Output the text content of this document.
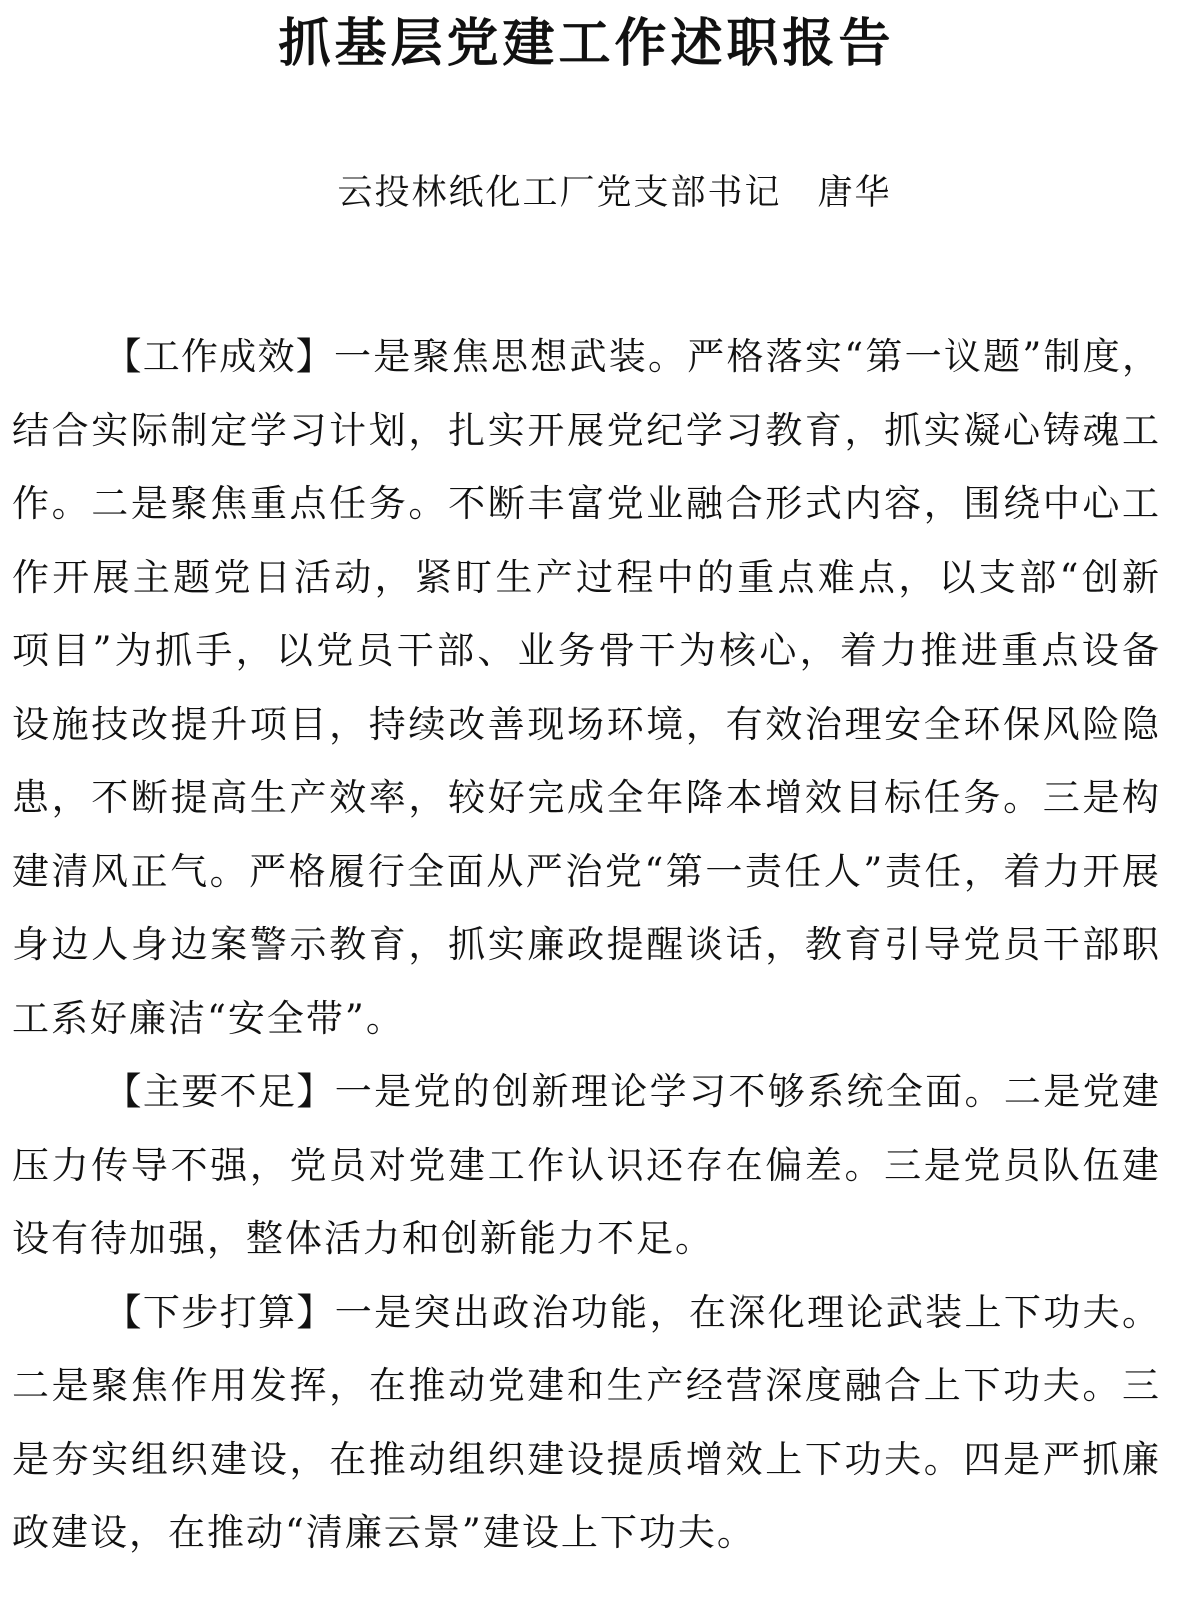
抓基层党建工作述职报告

云投林纸化工厂党支部书记 唐华

【工作成效】一是聚焦思想武装。严格落实“第一议题”制度，结合实际制定学习计划，扎实开展党纪学习教育，抓实凝心铸魂工作。二是聚焦重点任务。不断丰富党业融合形式内容，围绕中心工作开展主题党日活动，紧盯生产过程中的重点难点，以支部“创新项目”为抓手，以党员干部、业务骨干为核心，着力推进重点设备设施技改提升项目，持续改善现场环境，有效治理安全环保风险隐患，不断提高生产效率，较好完成全年降本增效目标任务。三是构建清风正气。严格履行全面从严治党“第一责任人”责任，着力开展身边人身边案警示教育，抓实廉政提醒谈话，教育引导党员干部职工系好廉洁“安全带”。

【主要不足】一是党的创新理论学习不够系统全面。二是党建压力传导不强，党员对党建工作认识还存在偏差。三是党员队伍建设有待加强，整体活力和创新能力不足。

【下步打算】一是突出政治功能，在深化理论武装上下功夫。二是聚焦作用发挥，在推动党建和生产经营深度融合上下功夫。三是夯实组织建设，在推动组织建设提质增效上下功夫。四是严抓廉政建设，在推动“清廉云景”建设上下功夫。
